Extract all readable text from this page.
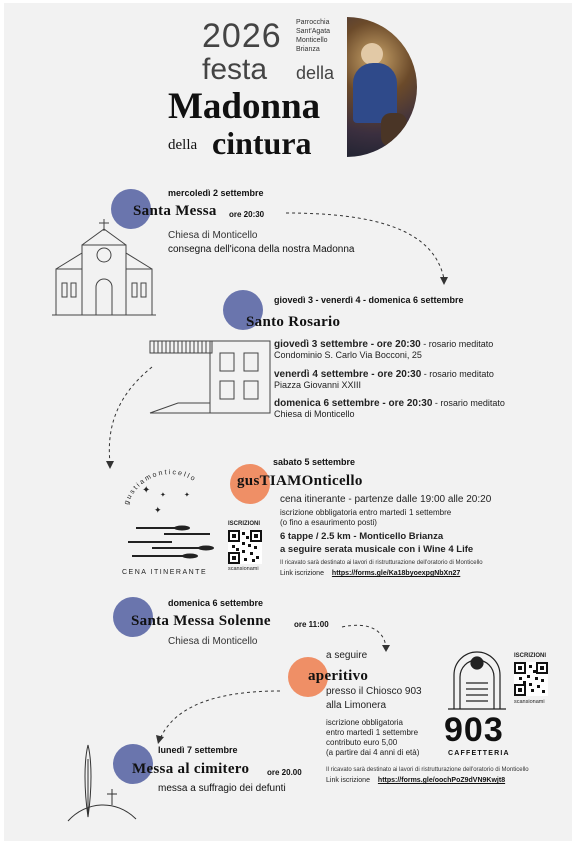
2026 Parrocchia
Sant'Agata
Monticello
Brianza
festa della
Madonna
della cintura
mercoledì 2 settembre
Santa Messa ore 20:30
Chiesa di Monticello
consegna dell'icona della nostra Madonna
giovedì 3 - venerdì 4 - domenica 6 settembre
Santo Rosario
giovedì 3 settembre - ore 20:30 - rosario meditato
Condominio S. Carlo Via Bocconi, 25
venerdì 4 settembre - ore 20:30 - rosario meditato
Piazza Giovanni XXIII
domenica 6 settembre - ore 20:30 - rosario meditato
Chiesa di Monticello
sabato 5 settembre
gusTIAMOnticello
gustiamonticello
✦ ✦	✦
✦
CENA ITINERANTE
cena itinerante - partenze dalle 19:00 alle 20:20
iscrizione obbligatoria entro martedì 1 settembre
(o fino a esaurimento posti)
6 tappe / 2.5 km - Monticello Brianza
a seguire serata musicale con i Wine 4 Life
ISCRIZIONI
scansionami
Il ricavato sarà destinato ai lavori di ristrutturazione dell'oratorio di Monticello
Link iscrizione https://forms.gle/Ka18byoexpgNbXn27
domenica 6 settembre
Santa Messa Solenne	ore 11:00
Chiesa di Monticello
a seguire
aperitivo
presso il Chiosco 903
alla Limonera
iscrizione obbligatoria
entro martedì 1 settembre
contributo euro 5,00
(a partire dai 4 anni di età)
903
CAFFETTERIA
ISCRIZIONI
scansionami
Il ricavato sarà destinato ai lavori di ristrutturazione dell'oratorio di Monticello
Link iscrizione https://forms.gle/oochPoZ9dVN9Kwjt8
lunedì 7 settembre
Messa al cimitero ore 20.00
messa a suffragio dei defunti
